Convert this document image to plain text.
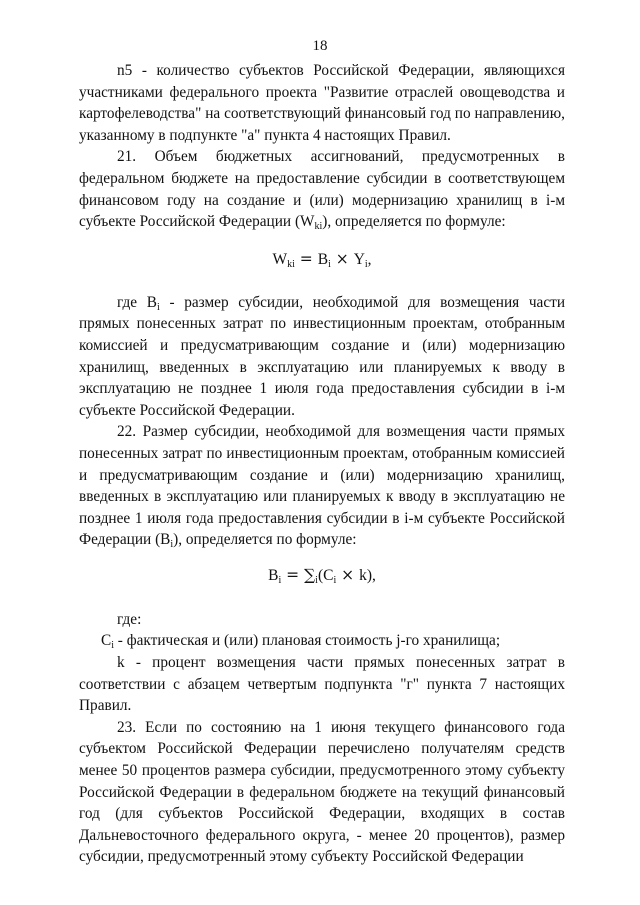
18

n5 - количество субъектов Российской Федерации, являющихся участниками федерального проекта "Развитие отраслей овощеводства и картофелеводства" на соответствующий финансовый год по направлению, указанному в подпункте "а" пункта 4 настоящих Правил.

21. Объем бюджетных ассигнований, предусмотренных в федеральном бюджете на предоставление субсидии в соответствующем финансовом году на создание и (или) модернизацию хранилищ в i-м субъекте Российской Федерации $(W_{ki})$, определяется по формуле:

$W_{ki} = B_i \times Y_i$,

где $B_i$ - размер субсидии, необходимой для возмещения части прямых понесенных затрат по инвестиционным проектам, отобранным комиссией и предусматривающим создание и (или) модернизацию хранилищ, введенных в эксплуатацию или планируемых к вводу в эксплуатацию не позднее 1 июля года предоставления субсидии в i-м субъекте Российской Федерации.

22. Размер субсидии, необходимой для возмещения части прямых понесенных затрат по инвестиционным проектам, отобранным комиссией и предусматривающим создание и (или) модернизацию хранилищ, введенных в эксплуатацию или планируемых к вводу в эксплуатацию не позднее 1 июля года предоставления субсидии в i-м субъекте Российской Федерации $(B_i)$, определяется по формуле:

$B_i = \sum_i(C_i \times k)$,

где:

$C_i$ - фактическая и (или) плановая стоимость j-го хранилища;

k - процент возмещения части прямых понесенных затрат в соответствии с абзацем четвертым подпункта "г" пункта 7 настоящих Правил.

23. Если по состоянию на 1 июня текущего финансового года субъектом Российской Федерации перечислено получателям средств менее 50 процентов размера субсидии, предусмотренного этому субъекту Российской Федерации в федеральном бюджете на текущий финансовый год (для субъектов Российской Федерации, входящих в состав Дальневосточного федерального округа, - менее 20 процентов), размер субсидии, предусмотренный этому субъекту Российской Федерации
